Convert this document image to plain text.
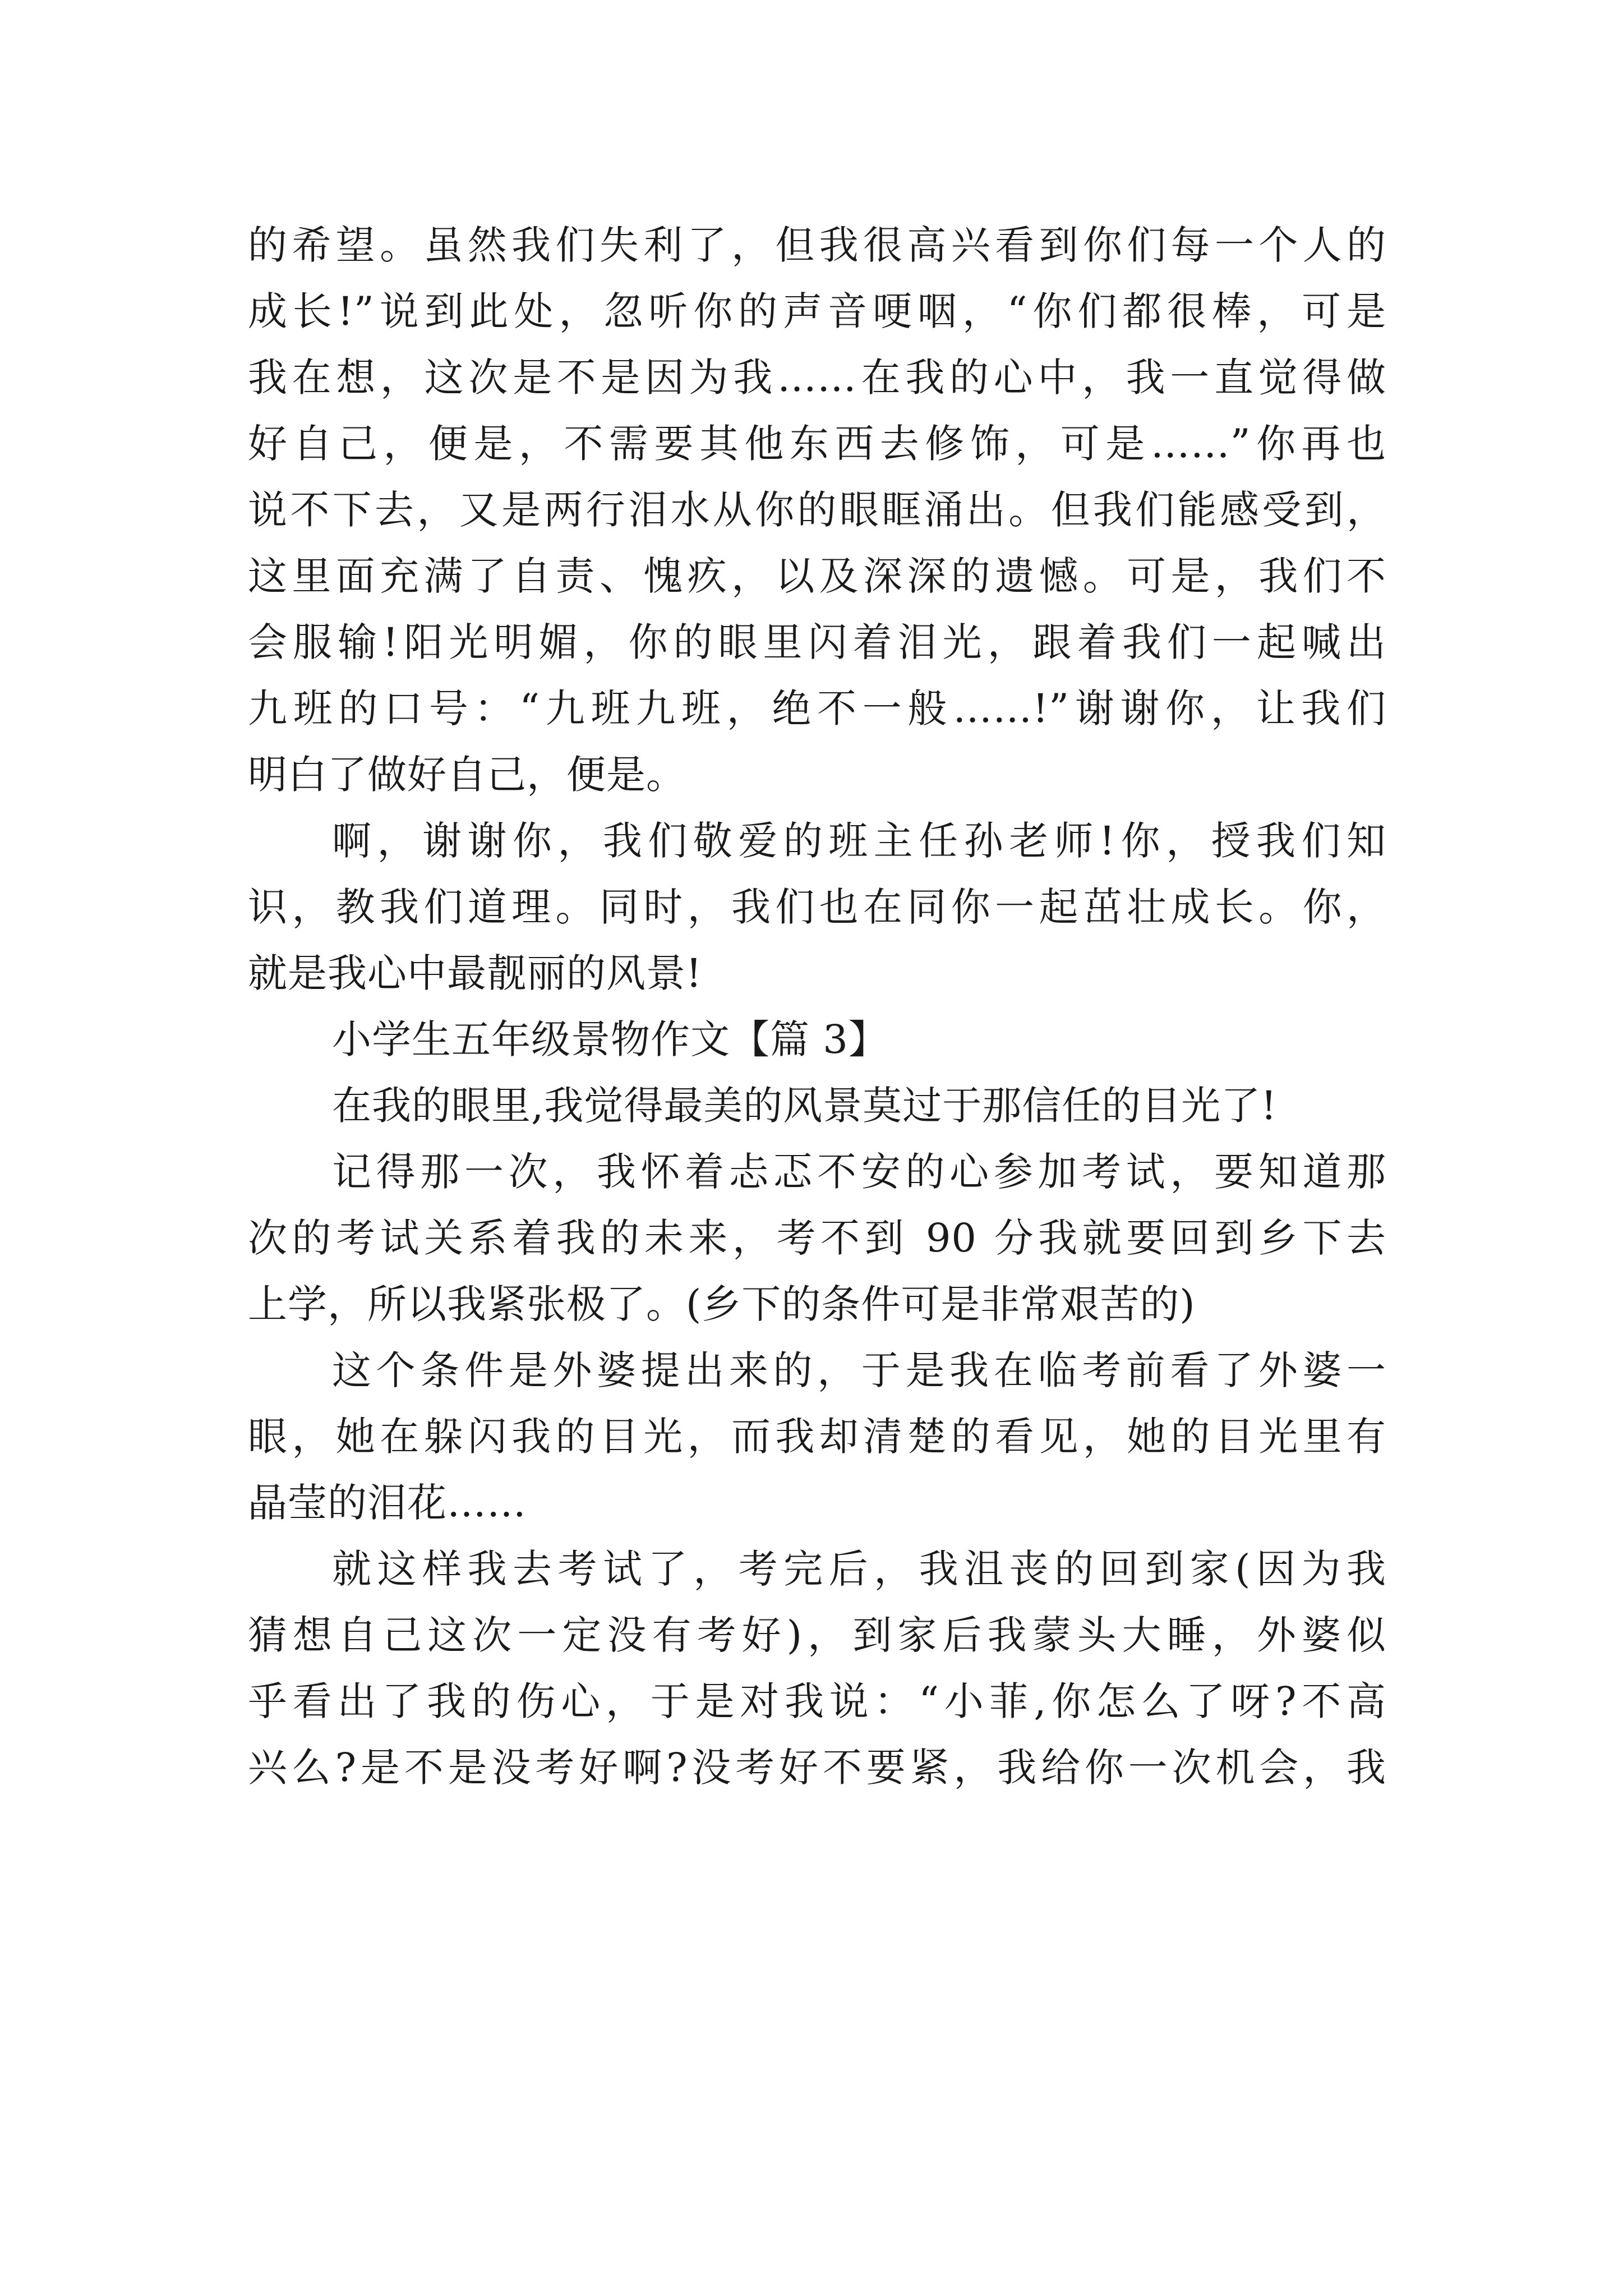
的希望。虽然我们失利了，但我很高兴看到你们每一个人的
成长!”说到此处，忽听你的声音哽咽，“你们都很棒，可是
我在想，这次是不是因为我……在我的心中，我一直觉得做
好自己，便是，不需要其他东西去修饰，可是……”你再也
说不下去，又是两行泪水从你的眼眶涌出。但我们能感受到，
这里面充满了自责、愧疚，以及深深的遗憾。可是，我们不
会服输!阳光明媚，你的眼里闪着泪光，跟着我们一起喊出
九班的口号：“九班九班，绝不一般……!”谢谢你，让我们
明白了做好自己，便是。
啊，谢谢你，我们敬爱的班主任孙老师!你，授我们知
识，教我们道理。同时，我们也在同你一起茁壮成长。你，
就是我心中最靓丽的风景!
小学生五年级景物作文【篇 3】
在我的眼里,我觉得最美的风景莫过于那信任的目光了!
记得那一次，我怀着忐忑不安的心参加考试，要知道那
次的考试关系着我的未来，考不到 90 分我就要回到乡下去
上学，所以我紧张极了。(乡下的条件可是非常艰苦的)
这个条件是外婆提出来的，于是我在临考前看了外婆一
眼，她在躲闪我的目光，而我却清楚的看见，她的目光里有
晶莹的泪花……
就这样我去考试了，考完后，我沮丧的回到家(因为我
猜想自己这次一定没有考好)，到家后我蒙头大睡，外婆似
乎看出了我的伤心，于是对我说：“小菲,你怎么了呀?不高
兴么?是不是没考好啊?没考好不要紧，我给你一次机会，我
